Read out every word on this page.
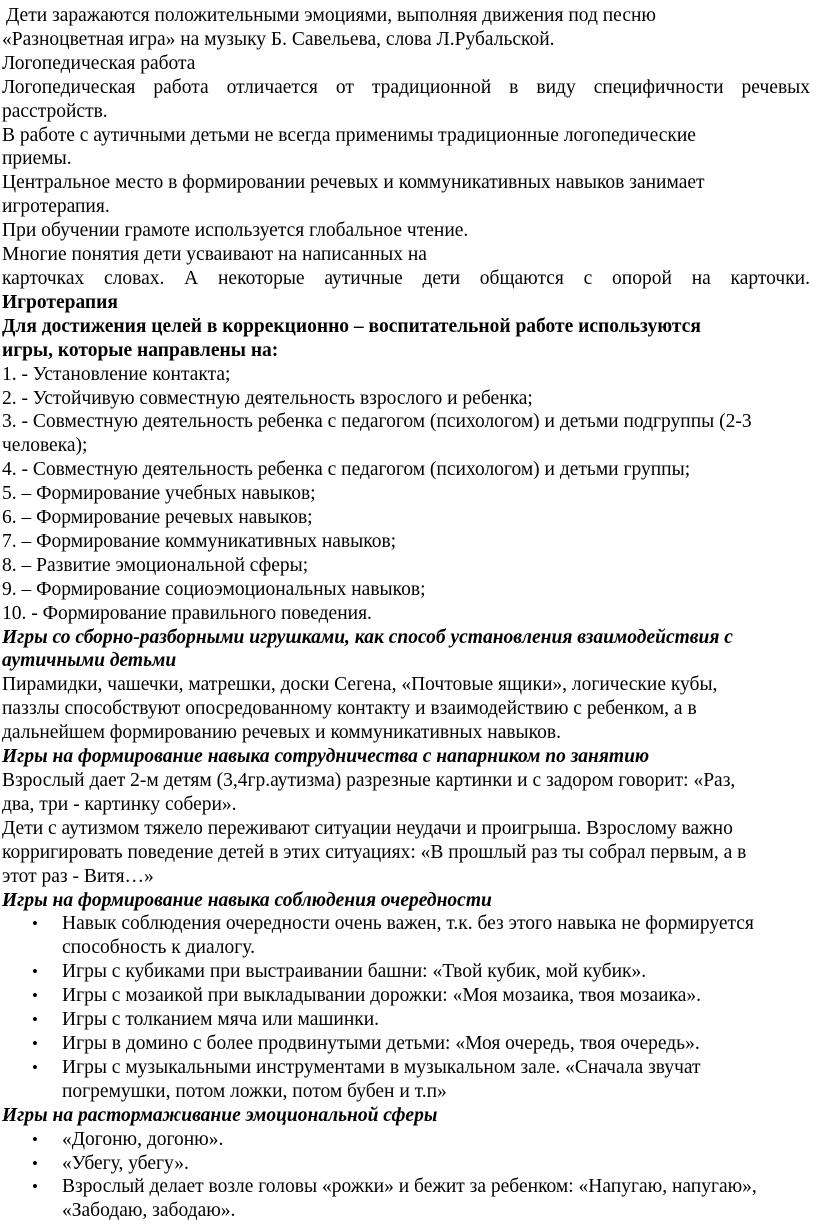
Дети заражаются положительными эмоциями, выполняя движения под песню

«Разноцветная игра» на музыку Б. Савельева, слова Л.Рубальской.

Логопедическая работа

Логопедическая работа отличается от традиционной в виду специфичности речевых

расстройств.

В работе с аутичными детьми не всегда применимы традиционные логопедические

приемы.

Центральное место в формировании речевых и коммуникативных навыков занимает

игротерапия.

При обучении грамоте используется глобальное чтение.

Многие понятия дети усваивают на написанных на

карточках словах. А некоторые аутичные дети общаются с опорой на карточки.

Игротерапия

Для достижения целей в коррекционно – воспитательной работе используются

игры, которые направлены на:

1. - Установление контакта;

2. - Устойчивую совместную деятельность взрослого и ребенка;

3. - Совместную деятельность ребенка с педагогом (психологом) и детьми подгруппы (2-3

человека);

4. - Совместную деятельность ребенка с педагогом (психологом) и детьми группы;

5. – Формирование учебных навыков;

6. – Формирование речевых навыков;

7. – Формирование коммуникативных навыков;

8. – Развитие эмоциональной сферы;

9. – Формирование социоэмоциональных навыков;

10. - Формирование правильного поведения.

Игры со сборно-разборными игрушками, как способ установления взаимодействия с

аутичными детьми

Пирамидки, чашечки, матрешки, доски Сегена, «Почтовые ящики», логические кубы,

паззлы способствуют опосредованному контакту и взаимодействию с ребенком, а в

дальнейшем формированию речевых и коммуникативных навыков.

Игры на формирование навыка сотрудничества с напарником по занятию

Взрослый дает 2-м детям (3,4гр.аутизма) разрезные картинки и с задором говорит: «Раз,

два, три - картинку собери».

Дети с аутизмом тяжело переживают ситуации неудачи и проигрыша. Взрослому важно

корригировать поведение детей в этих ситуациях: «В прошлый раз ты собрал первым, а в

этот раз - Витя…»

Игры на формирование навыка соблюдения очередности

• Навык соблюдения очередности очень важен, т.к. без этого навыка не формируется способность к диалогу.
• Игры с кубиками при выстраивании башни: «Твой кубик, мой кубик».
• Игры с мозаикой при выкладывании дорожки: «Моя мозаика, твоя мозаика».
• Игры с толканием мяча или машинки.
• Игры в домино с более продвинутыми детьми: «Моя очередь, твоя очередь».
• Игры с музыкальными инструментами в музыкальном зале. «Сначала звучат погремушки, потом ложки, потом бубен и т.п»

Игры на растормаживание эмоциональной сферы

• «Догоню, догоню».
• «Убегу, убегу».
• Взрослый делает возле головы «рожки» и бежит за ребенком: «Напугаю, напугаю», «Забодаю, забодаю».
